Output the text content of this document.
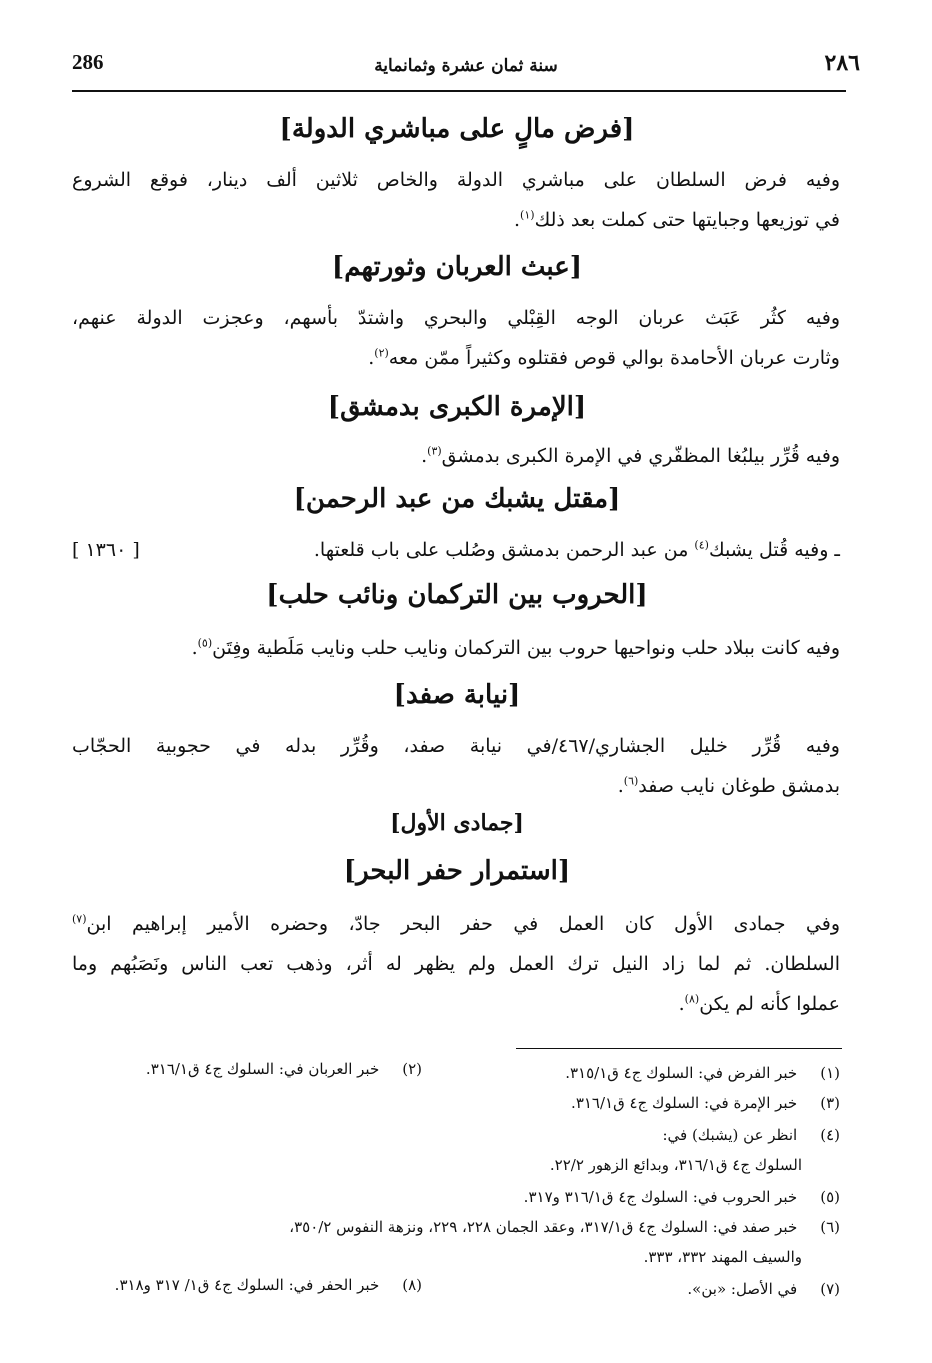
286	سنة ثمان عشرة وثمانماية	٢٨٦
[فرض مالٍ على مباشري الدولة]
وفيه فرض السلطان على مباشري الدولة والخاص ثلاثين ألف دينار، فوقع الشروع
في توزيعها وجبايتها حتى كملت بعد ذلك$^{(١)}$.
[عبث العربان وثورتهم]
وفيه كثُر عَبَث عربان الوجه القِبْلي والبحري واشتدّ بأسهم، وعجزت الدولة عنهم،
وثارت عربان الأحامدة بوالي قوص فقتلوه وكثيراً ممّن معه$^{(٢)}$.
[الإمرة الكبرى بدمشق]
وفيه قُرِّر بيلبُغا المظفّري في الإمرة الكبرى بدمشق$^{(٣)}$.
[مقتل يشبك من عبد الرحمن]
ـ وفيه قُتل يشبك$^{(٤)}$ من عبد الرحمن بدمشق وصُلب على باب قلعتها.
[ ١٣٦٠ ]
[الحروب بين التركمان ونائب حلب]
وفيه كانت ببلاد حلب ونواحيها حروب بين التركمان ونايب حلب ونايب مَلَطية وفِتَن$^{(٥)}$.
[نيابة صفد]
وفيه قُرِّر خليل الجشاري/٤٦٧/في نيابة صفد، وقُرِّر بدله في حجوبية الحجّاب
بدمشق طوغان نايب صفد$^{(٦)}$.
[جمادى الأول]
[استمرار حفر البحر]
وفي جمادى الأول كان العمل في حفر البحر جادّ، وحضره الأمير إبراهيم ابن$^{(٧)}$
السلطان. ثم لما زاد النيل ترك العمل ولم يظهر له أثر، وذهب تعب الناس ونَصَبُهم وما
عملوا كأنه لم يكن$^{(٨)}$.
(١) خبر الفرض في: السلوك ج٤ ق٣١٥/١.
(٢) خبر العربان في: السلوك ج٤ ق٣١٦/١.
(٣) خبر الإمرة في: السلوك ج٤ ق٣١٦/١.
(٤) انظر عن (يشبك) في:
السلوك ج٤ ق٣١٦/١، وبدائع الزهور ٢٢/٢.
(٥) خبر الحروب في: السلوك ج٤ ق٣١٦/١ و٣١٧.
(٦) خبر صفد في: السلوك ج٤ ق٣١٧/١، وعقد الجمان ٢٢٨، ٢٢٩، ونزهة النفوس ٣٥٠/٢،
والسيف المهند ٣٣٢، ٣٣٣.
(٧) في الأصل: «بن».
(٨) خبر الحفر في: السلوك ج٤ ق١/ ٣١٧ و٣١٨.
